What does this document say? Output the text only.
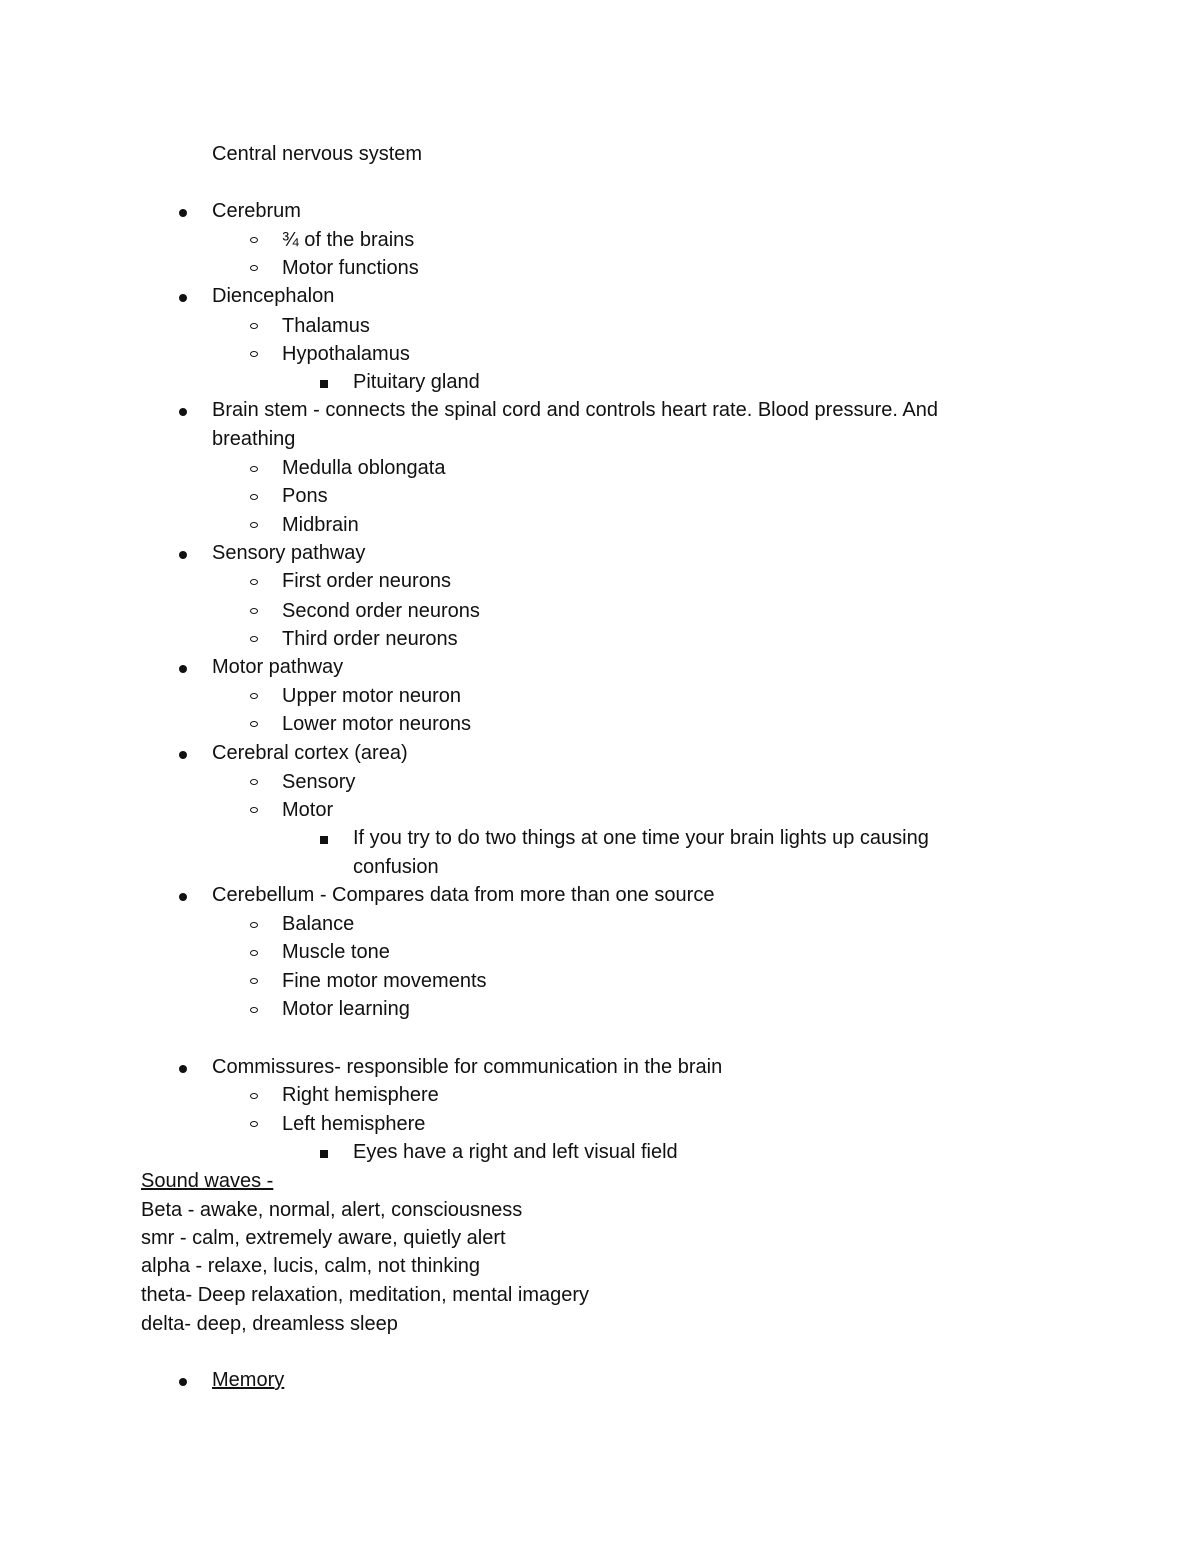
Central nervous system
Cerebrum
¾ of the brains
Motor functions
Diencephalon
Thalamus
Hypothalamus
Pituitary gland
Brain stem - connects the spinal cord and controls heart rate. Blood pressure. And
breathing
Medulla oblongata
Pons
Midbrain
Sensory pathway
First order neurons
Second order neurons
Third order neurons
Motor pathway
Upper motor neuron
Lower motor neurons
Cerebral cortex (area)
Sensory
Motor
If you try to do two things at one time your brain lights up causing
confusion
Cerebellum - Compares data from more than one source
Balance
Muscle tone
Fine motor movements
Motor learning
Commissures- responsible for communication in the brain
Right hemisphere
Left hemisphere
Eyes have a right and left visual field
Sound waves -
Beta - awake, normal, alert, consciousness
smr - calm, extremely aware, quietly alert
alpha - relaxe, lucis, calm, not thinking
theta- Deep relaxation, meditation, mental imagery
delta- deep, dreamless sleep
Memory
